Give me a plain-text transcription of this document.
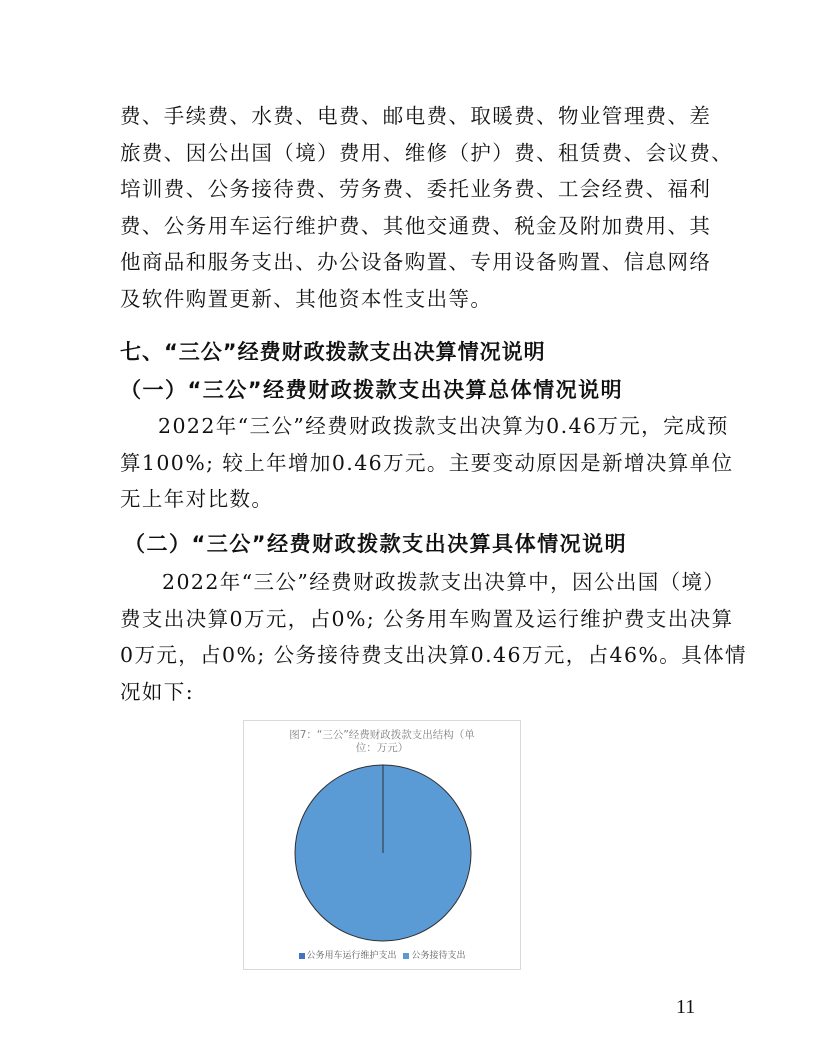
费、手续费、水费、电费、邮电费、取暖费、物业管理费、差
旅费、因公出国（境）费用、维修（护）费、租赁费、会议费、
培训费、公务接待费、劳务费、委托业务费、工会经费、福利
费、公务用车运行维护费、其他交通费、税金及附加费用、其
他商品和服务支出、办公设备购置、专用设备购置、信息网络
及软件购置更新、其他资本性支出等。
七、“三公”经费财政拨款支出决算情况说明
（一）“三公”经费财政拨款支出决算总体情况说明
2022年“三公”经费财政拨款支出决算为0.46万元，完成预
算100%; 较上年增加0.46万元。主要变动原因是新增决算单位
无上年对比数。
（二）“三公”经费财政拨款支出决算具体情况说明
2022年“三公”经费财政拨款支出决算中，因公出国（境）
费支出决算0万元，占0%; 公务用车购置及运行维护费支出决算
0万元，占0%; 公务接待费支出决算0.46万元，占46%。具体情
况如下:
图7：“三公”经费财政拨款支出结构（单
位：万元）
公务用车运行维护支出 公务接待支出
11
